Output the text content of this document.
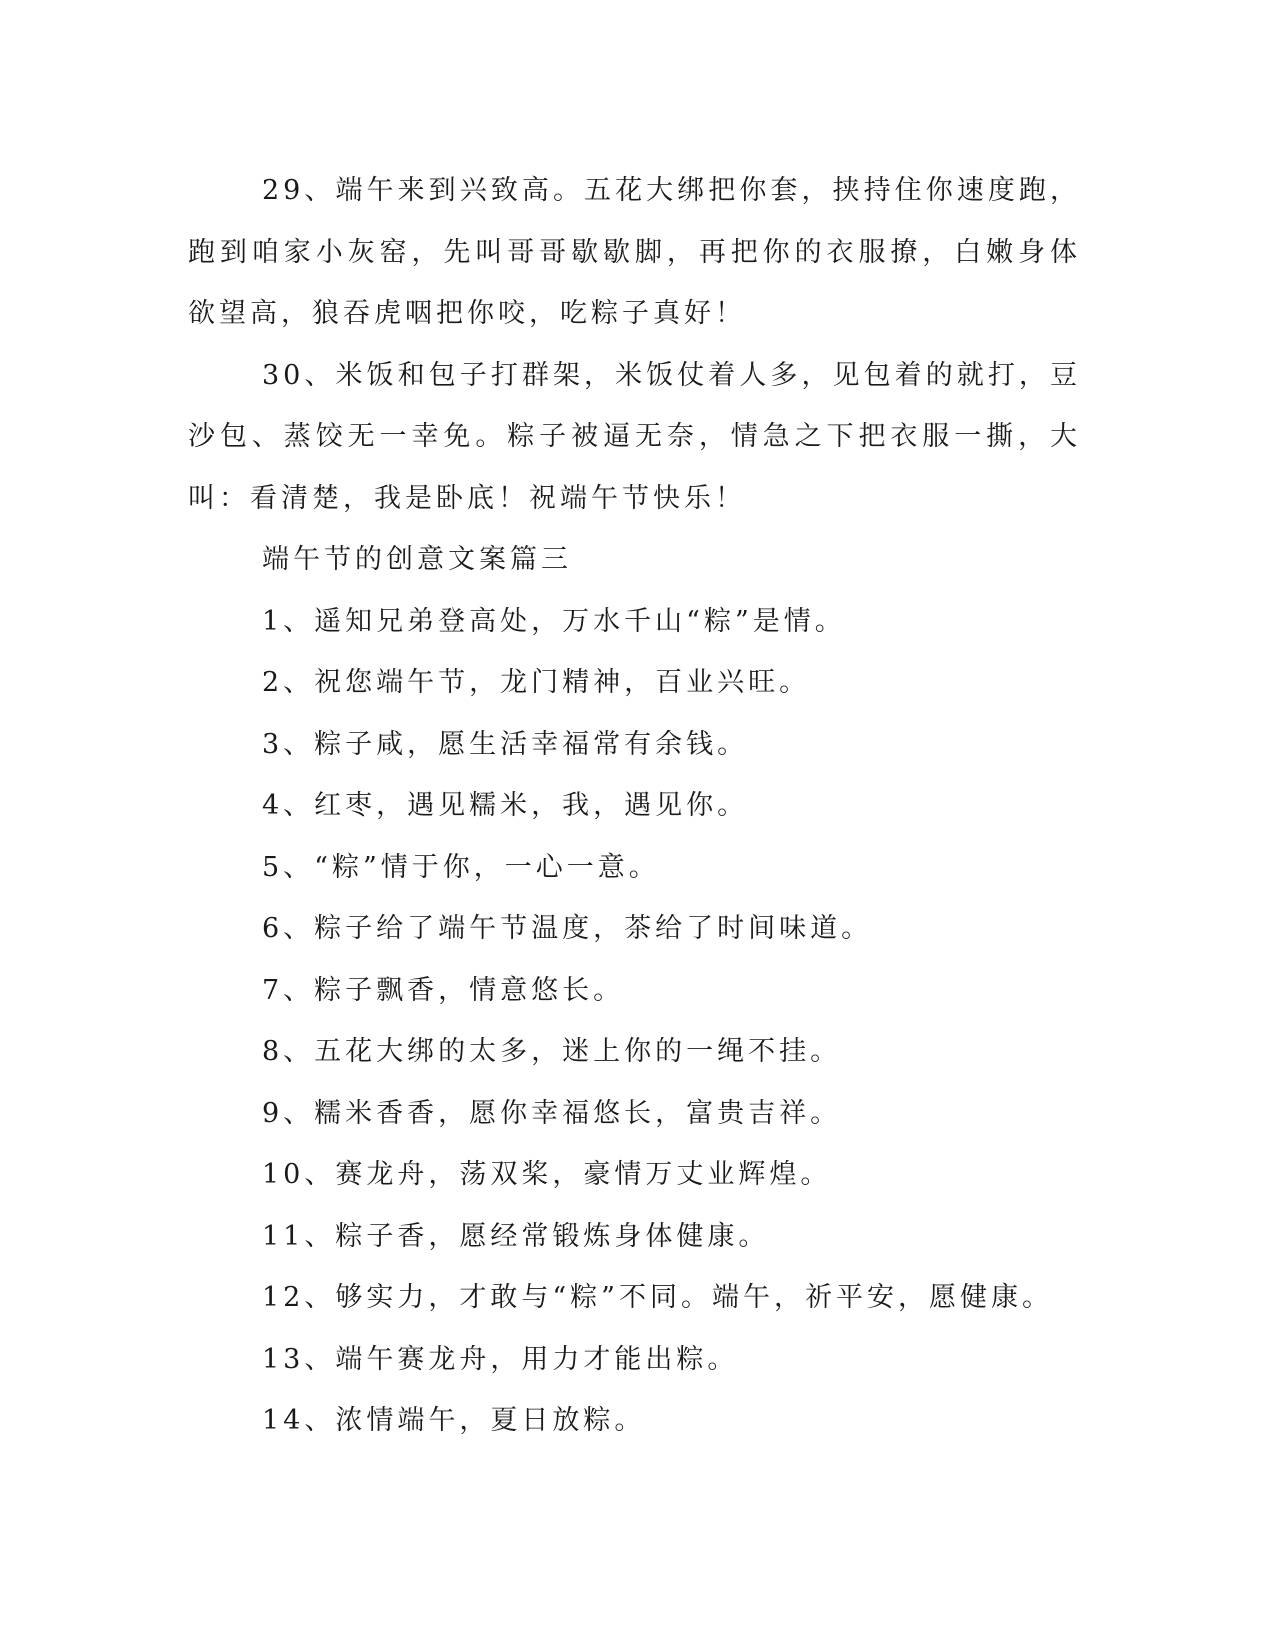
29、端午来到兴致高。五花大绑把你套，挟持住你速度跑，跑到咱家小灰窑，先叫哥哥歇歇脚，再把你的衣服撩，白嫩身体欲望高，狼吞虎咽把你咬，吃粽子真好！

30、米饭和包子打群架，米饭仗着人多，见包着的就打，豆沙包、蒸饺无一幸免。粽子被逼无奈，情急之下把衣服一撕，大叫：看清楚，我是卧底！祝端午节快乐！

端午节的创意文案篇三

1、遥知兄弟登高处，万水千山“粽”是情。

2、祝您端午节，龙门精神，百业兴旺。

3、粽子咸，愿生活幸福常有余钱。

4、红枣，遇见糯米，我，遇见你。

5、“粽”情于你，一心一意。

6、粽子给了端午节温度，茶给了时间味道。

7、粽子飘香，情意悠长。

8、五花大绑的太多，迷上你的一绳不挂。

9、糯米香香，愿你幸福悠长，富贵吉祥。

10、赛龙舟，荡双桨，豪情万丈业辉煌。

11、粽子香，愿经常锻炼身体健康。

12、够实力，才敢与“粽”不同。端午，祈平安，愿健康。

13、端午赛龙舟，用力才能出粽。

14、浓情端午，夏日放粽。
